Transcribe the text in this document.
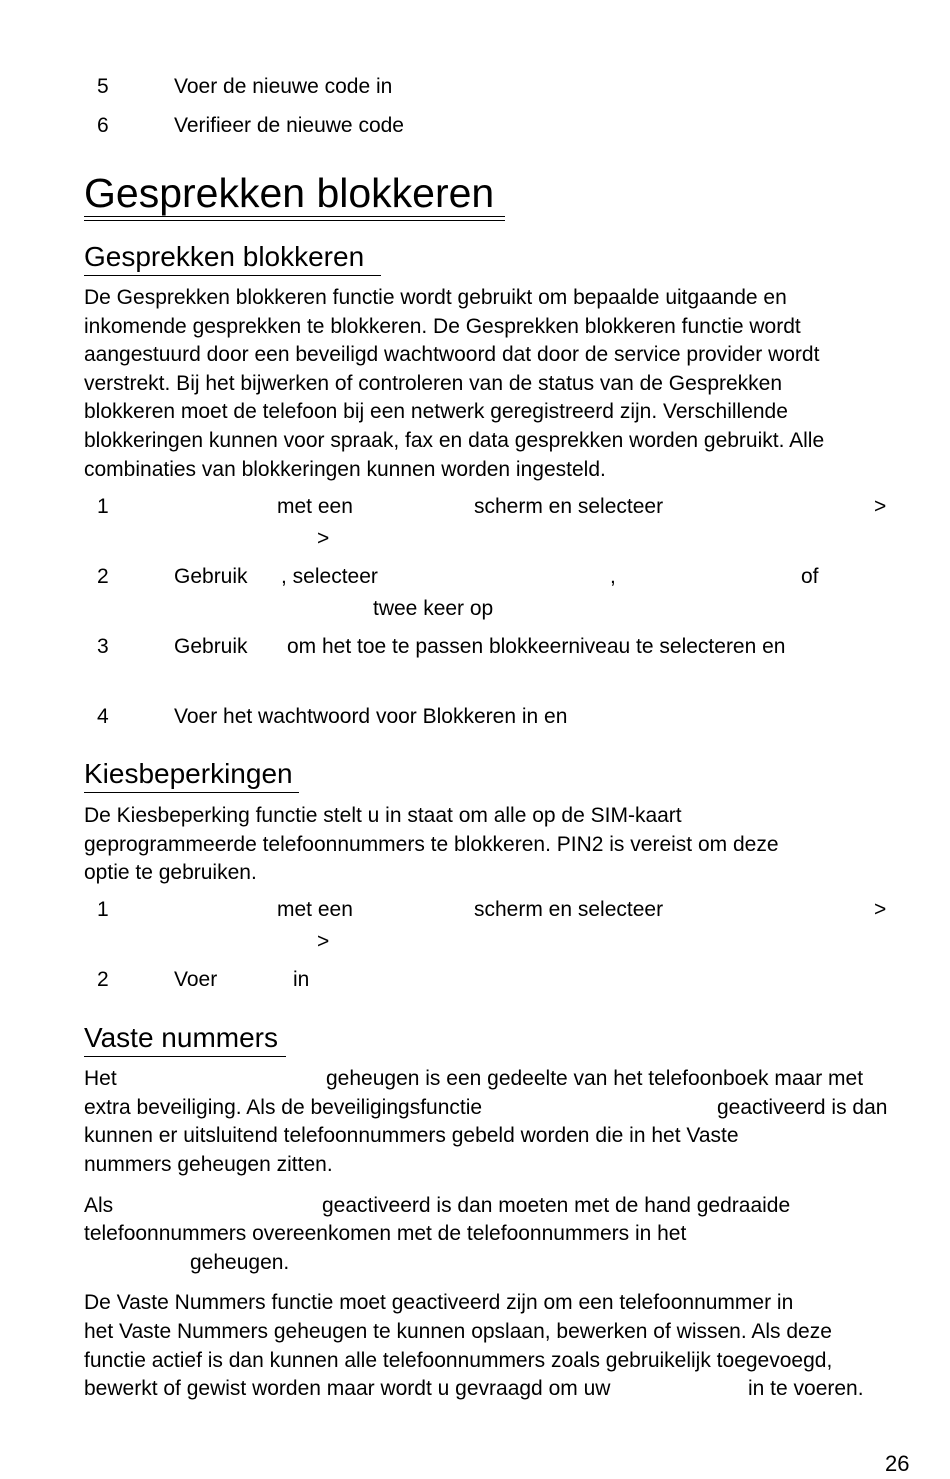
5	Voer de nieuwe code in
6	Verifieer de nieuwe code
Gesprekken blokkeren
Gesprekken blokkeren
De Gesprekken blokkeren functie wordt gebruikt om bepaalde uitgaande en
inkomende gesprekken te blokkeren. De Gesprekken blokkeren functie wordt
aangestuurd door een beveiligd wachtwoord dat door de service provider wordt
verstrekt. Bij het bijwerken of controleren van de status van de Gesprekken
blokkeren moet de telefoon bij een netwerk geregistreerd zijn. Verschillende
blokkeringen kunnen voor spraak, fax en data gesprekken worden gebruikt. Alle
combinaties van blokkeringen kunnen worden ingesteld.
1	met een	scherm en selecteer	>
>
2	Gebruik , selecteer	,	of
twee keer op
3	Gebruik om het toe te passen blokkeerniveau te selecteren en
4	Voer het wachtwoord voor Blokkeren in en
Kiesbeperkingen
De Kiesbeperking functie stelt u in staat om alle op de SIM-kaart
geprogrammeerde telefoonnummers te blokkeren. PIN2 is vereist om deze
optie te gebruiken.
1	met een	scherm en selecteer	>
>
2	Voer	in
Vaste nummers
Het	geheugen is een gedeelte van het telefoonboek maar met
extra beveiliging. Als de beveiligingsfunctie	geactiveerd is dan
kunnen er uitsluitend telefoonnummers gebeld worden die in het Vaste
nummers geheugen zitten.
Als	geactiveerd is dan moeten met de hand gedraaide
telefoonnummers overeenkomen met de telefoonnummers in het
geheugen.
De Vaste Nummers functie moet geactiveerd zijn om een telefoonnummer in
het Vaste Nummers geheugen te kunnen opslaan, bewerken of wissen. Als deze
functie actief is dan kunnen alle telefoonnummers zoals gebruikelijk toegevoegd,
bewerkt of gewist worden maar wordt u gevraagd om uw	in te voeren.
26
